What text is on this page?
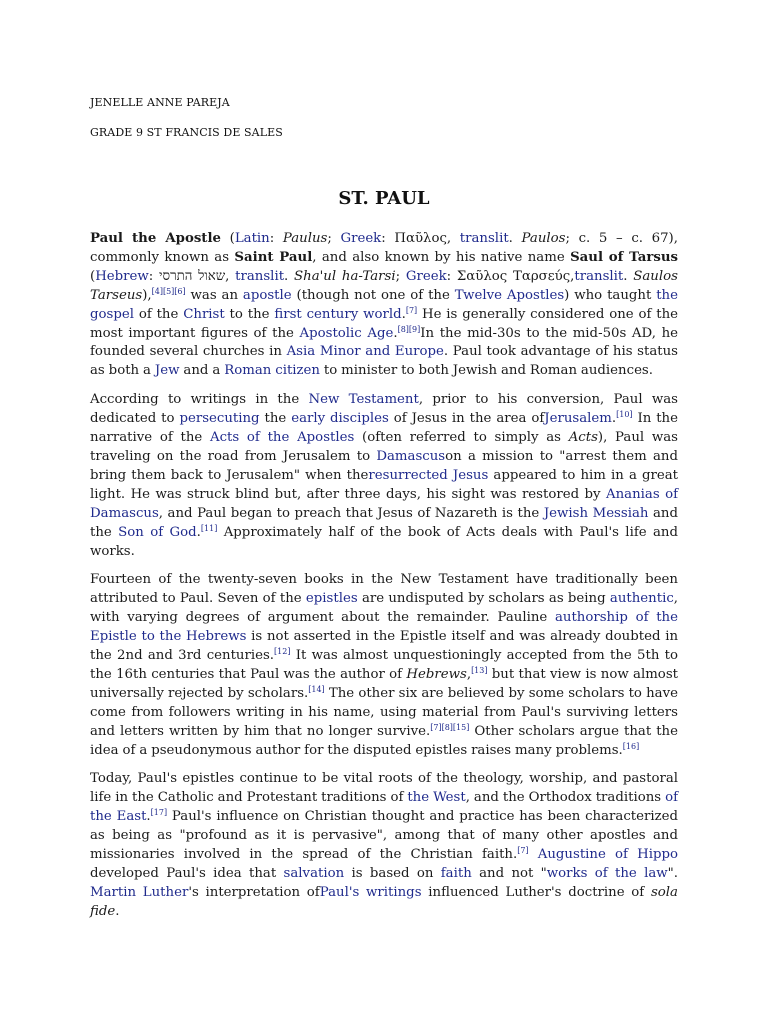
JENELLE ANNE PAREJA
GRADE 9 ST FRANCIS DE SALES
ST. PAUL

Paul the Apostle (Latin: Paulus; Greek: Παῦλος, translit. Paulos; c. 5 – c. 67), commonly known as Saint Paul, and also known by his native name Saul of Tarsus (Hebrew: שאול התרסי, translit. Sha'ul ha-Tarsi; Greek: Σαῦλος Ταρσεύς,translit. Saulos Tarseus),[4][5][6] was an apostle (though not one of the Twelve Apostles) who taught the gospel of the Christ to the first century world.[7] He is generally considered one of the most important figures of the Apostolic Age.[8][9]In the mid-30s to the mid-50s AD, he founded several churches in Asia Minor and Europe. Paul took advantage of his status as both a Jew and a Roman citizen to minister to both Jewish and Roman audiences.

According to writings in the New Testament, prior to his conversion, Paul was dedicated to persecuting the early disciples of Jesus in the area ofJerusalem.[10] In the narrative of the Acts of the Apostles (often referred to simply as Acts), Paul was traveling on the road from Jerusalem to Damascuson a mission to "arrest them and bring them back to Jerusalem" when theresurrected Jesus appeared to him in a great light. He was struck blind but, after three days, his sight was restored by Ananias of Damascus, and Paul began to preach that Jesus of Nazareth is the Jewish Messiah and the Son of God.[11] Approximately half of the book of Acts deals with Paul's life and works.

Fourteen of the twenty-seven books in the New Testament have traditionally been attributed to Paul. Seven of the epistles are undisputed by scholars as being authentic, with varying degrees of argument about the remainder. Pauline authorship of the Epistle to the Hebrews is not asserted in the Epistle itself and was already doubted in the 2nd and 3rd centuries.[12] It was almost unquestioningly accepted from the 5th to the 16th centuries that Paul was the author of Hebrews,[13] but that view is now almost universally rejected by scholars.[14] The other six are believed by some scholars to have come from followers writing in his name, using material from Paul's surviving letters and letters written by him that no longer survive.[7][8][15] Other scholars argue that the idea of a pseudonymous author for the disputed epistles raises many problems.[16]

Today, Paul's epistles continue to be vital roots of the theology, worship, and pastoral life in the Catholic and Protestant traditions of the West, and the Orthodox traditions of the East.[17] Paul's influence on Christian thought and practice has been characterized as being as "profound as it is pervasive", among that of many other apostles and missionaries involved in the spread of the Christian faith.[7] Augustine of Hippo developed Paul's idea that salvation is based on faith and not "works of the law". Martin Luther's interpretation ofPaul's writings influenced Luther's doctrine of sola fide.
